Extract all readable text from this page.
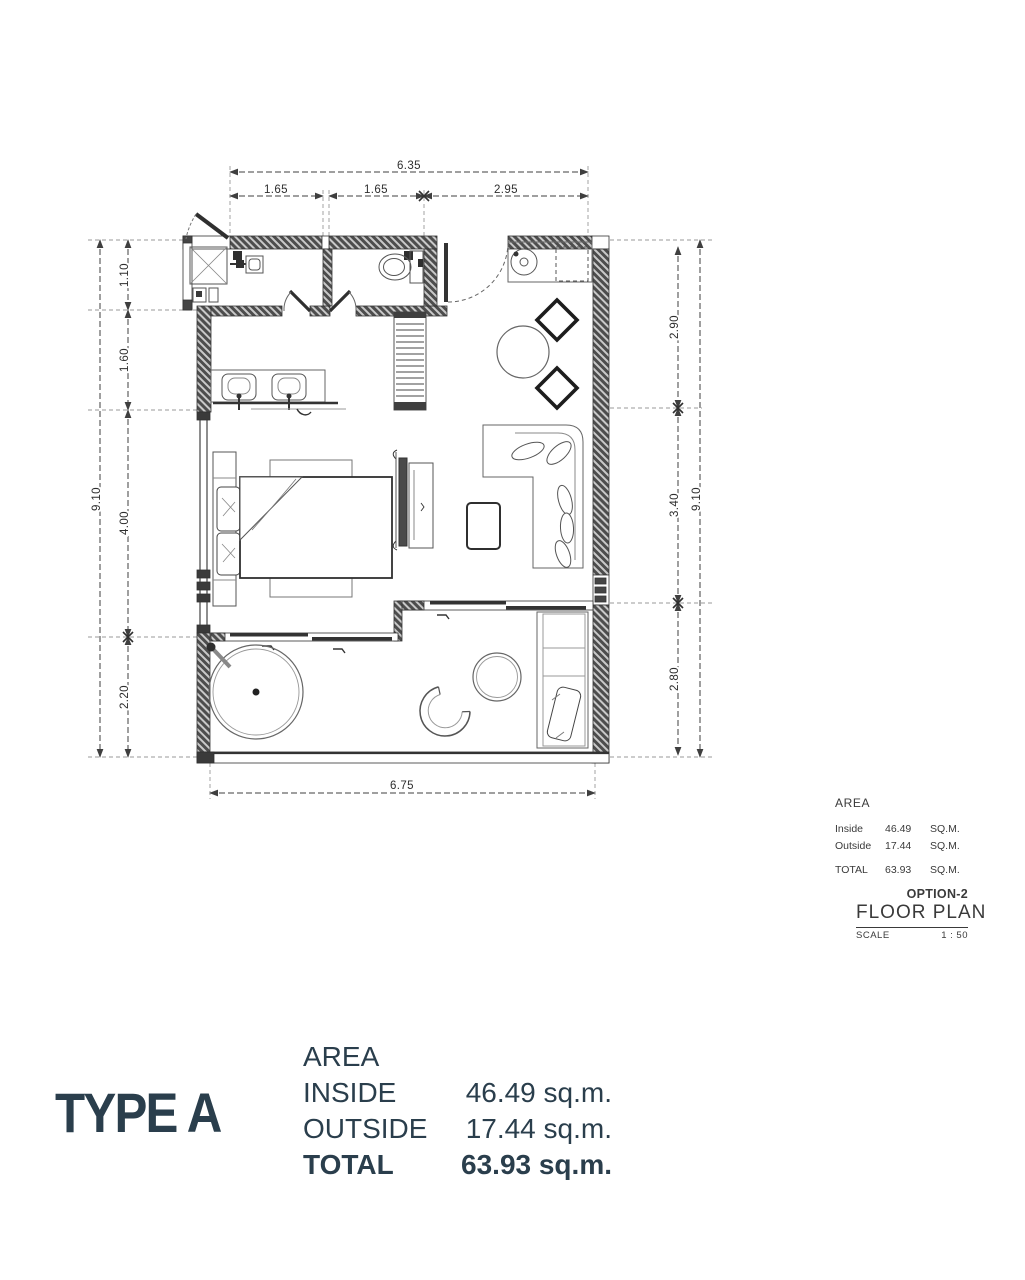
6.35
1.65	1.65	2.95
9.10
1.10
1.60
4.00
2.20
2.90
3.40
2.80
9.10
6.75
AREA
Inside	46.49	SQ.M.
Outside	17.44	SQ.M.
TOTAL	63.93	SQ.M.
OPTION-2
FLOOR PLAN
SCALE	1 : 50
TYPE A
AREA
INSIDE 46.49 sq.m.
OUTSIDE 17.44 sq.m.
TOTAL 63.93 sq.m.
